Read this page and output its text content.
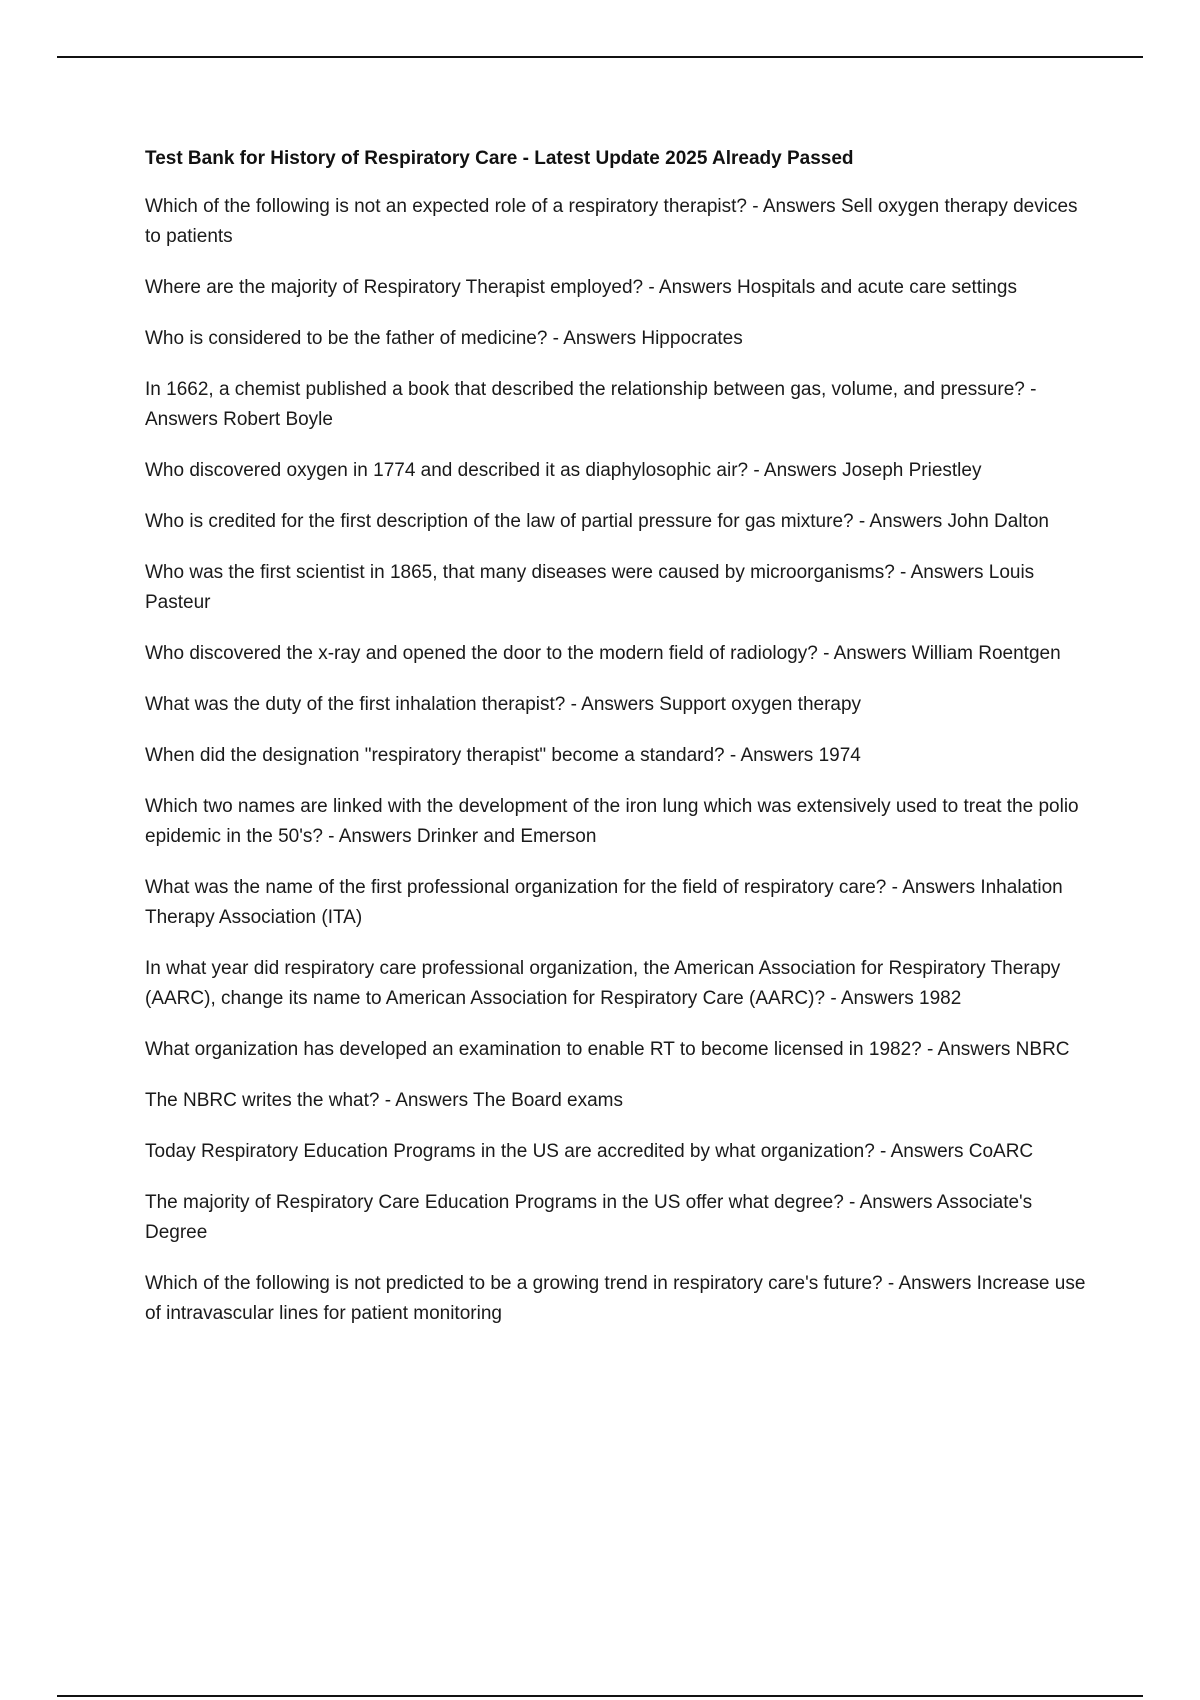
Test Bank for History of Respiratory Care - Latest Update 2025 Already Passed
Which of the following is not an expected role of a respiratory therapist? - Answers Sell oxygen therapy devices to patients
Where are the majority of Respiratory Therapist employed? - Answers Hospitals and acute care settings
Who is considered to be the father of medicine? - Answers Hippocrates
In 1662, a chemist published a book that described the relationship between gas, volume, and pressure? - Answers Robert Boyle
Who discovered oxygen in 1774 and described it as diaphylosophic air? - Answers Joseph Priestley
Who is credited for the first description of the law of partial pressure for gas mixture? - Answers John Dalton
Who was the first scientist in 1865, that many diseases were caused by microorganisms? - Answers Louis Pasteur
Who discovered the x-ray and opened the door to the modern field of radiology? - Answers William Roentgen
What was the duty of the first inhalation therapist? - Answers Support oxygen therapy
When did the designation "respiratory therapist" become a standard? - Answers 1974
Which two names are linked with the development of the iron lung which was extensively used to treat the polio epidemic in the 50's? - Answers Drinker and Emerson
What was the name of the first professional organization for the field of respiratory care? - Answers Inhalation Therapy Association (ITA)
In what year did respiratory care professional organization, the American Association for Respiratory Therapy (AARC), change its name to American Association for Respiratory Care (AARC)? - Answers 1982
What organization has developed an examination to enable RT to become licensed in 1982? - Answers NBRC
The NBRC writes the what? - Answers The Board exams
Today Respiratory Education Programs in the US are accredited by what organization? - Answers CoARC
The majority of Respiratory Care Education Programs in the US offer what degree? - Answers Associate's Degree
Which of the following is not predicted to be a growing trend in respiratory care's future? - Answers Increase use of intravascular lines for patient monitoring
